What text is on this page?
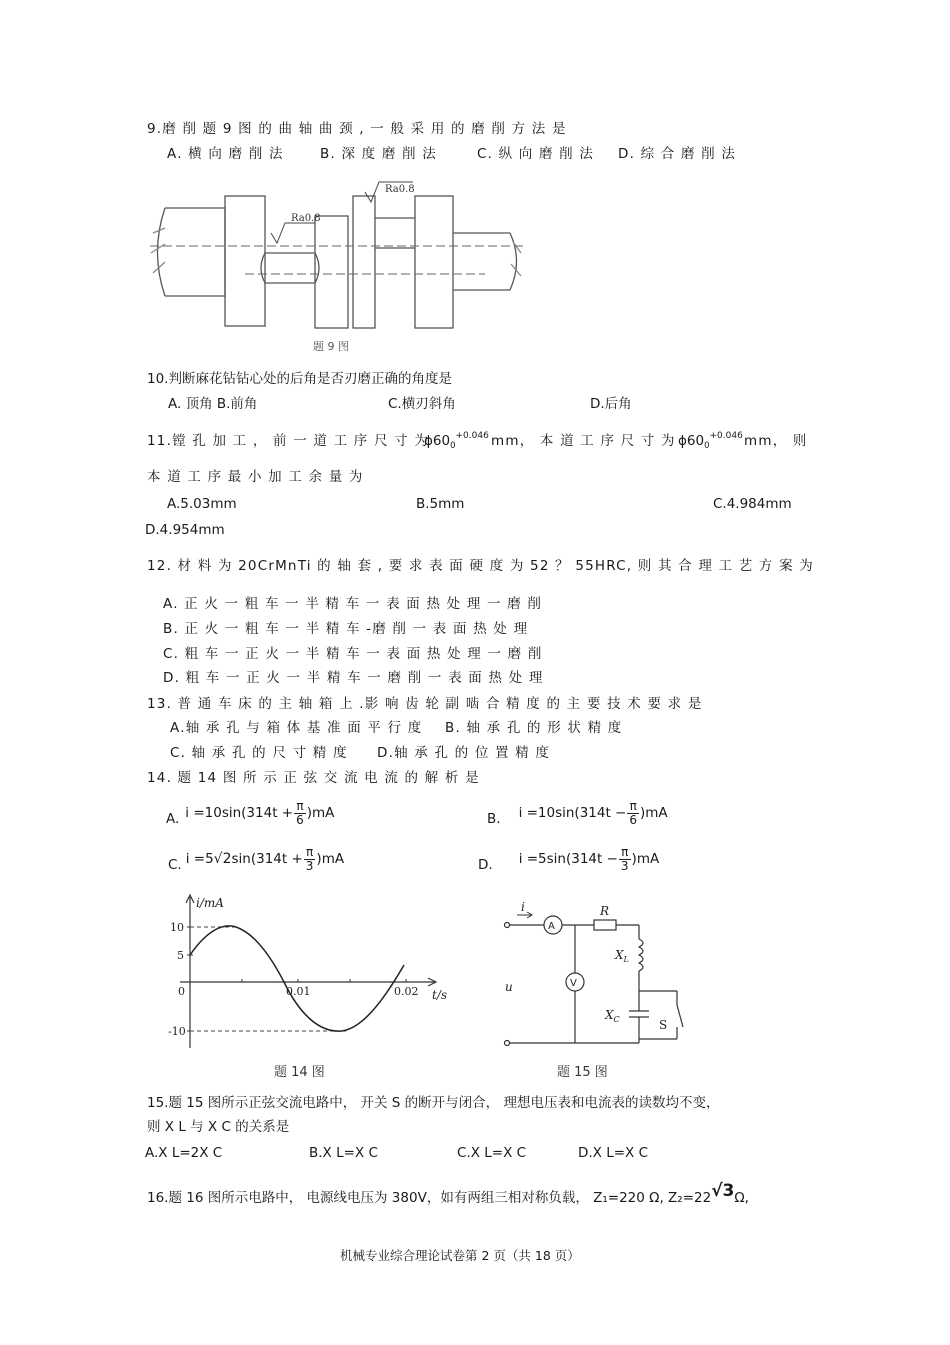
9.磨 削 题 9 图 的 曲 轴 曲 颈 , 一 般 采 用 的 磨 削 方 法 是
A. 横 向 磨 削 法	B. 深 度 磨 削 法	C. 纵 向 磨 削 法 D. 综 合 磨 削 法
Ra0.8
Ra0.8
题 9 图
10.判断麻花钻钻心处的后角是否刃磨正确的角度是
A. 顶角 B.前角	C.横刃斜角	D.后角
11.镗 孔 加 工 ， 前 一 道 工 序 尺 寸 为
$\phi 60_0^{+0.046}$ mm， 本 道 工 序 尺 寸 为 $\phi 60_0^{+0.046}$ mm， 则
本 道 工 序 最 小 加 工 余 量 为
A.5.03mm	B.5mm	C.4.984mm
D.4.954mm
12. 材 料 为 20CrMnTi 的 轴 套 , 要 求 表 面 硬 度 为 52 ？ 55HRC, 则 其 合 理 工 艺 方 案 为
A. 正 火 一 粗 车 一 半 精 车 一 表 面 热 处 理 一 磨 削
B. 正 火 一 粗 车 一 半 精 车 -磨 削 一 表 面 热 处 理
C. 粗 车 一 正 火 一 半 精 车 一 表 面 热 处 理 一 磨 削
D. 粗 车 一 正 火 一 半 精 车 一 磨 削 一 表 面 热 处 理
13. 普 通 车 床 的 主 轴 箱 上 .影 响 齿 轮 副 啮 合 精 度 的 主 要 技 术 要 求 是
A.轴 承 孔 与 箱 体 基 准 面 平 行 度 B. 轴 承 孔 的 形 状 精 度
C. 轴 承 孔 的 尺 寸 精 度 D.轴 承 孔 的 位 置 精 度
14. 题 14 图 所 示 正 弦 交 流 电 流 的 解 析 是
A. $i =10\sin(314t + \frac{\pi}{6} )mA$	B. $i =10\sin(314t - \frac{\pi}{6} )mA$
C. i =5 √2 $\sin(314t + \frac{\pi}{3} )mA$	D. $i =5\sin(314t - \frac{\pi}{3} )mA$
i/mA
t/s
10
5
0
-10
0.01	0.02
题 14 图
i
A
V
R
$X_L$
$X_C$
u
S
题 15 图
15.题 15 图所示正弦交流电路中， 开关 S 的断开与闭合， 理想电压表和电流表的读数均不变，
则 X L 与 X C 的关系是
A.X L=2X C	B.X L=X C	C.X L=X C	D.X L=X C
16.题 16 图所示电路中， 电源线电压为 380V，如有两组三相对称负载， Z₁=220 Ω, Z₂=22√3Ω,
机械专业综合理论试卷第 2 页（共 18 页）
